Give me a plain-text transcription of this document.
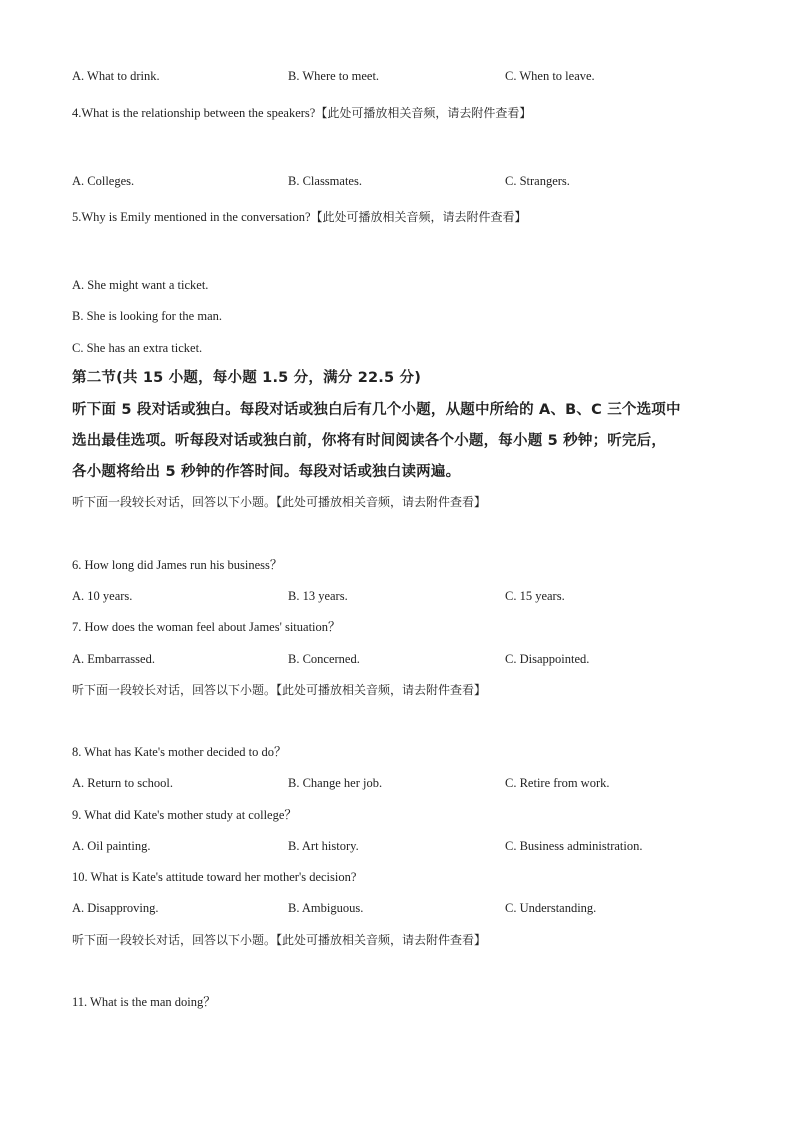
A. What to drink.	B. Where to meet.	C. When to leave.
4.What is the relationship between the speakers?【此处可播放相关音频，请去附件查看】
A. Colleges.	B. Classmates.	C. Strangers.
5.Why is Emily mentioned in the conversation?【此处可播放相关音频，请去附件查看】
A. She might want a ticket.
B. She is looking for the man.
C. She has an extra ticket.
第二节(共 15 小题，每小题 1.5 分，满分 22.5 分)
听下面 5 段对话或独白。每段对话或独白后有几个小题，从题中所给的 A、B、C 三个选项中
选出最佳选项。听每段对话或独白前，你将有时间阅读各个小题，每小题 5 秒钟；听完后，
各小题将给出 5 秒钟的作答时间。每段对话或独白读两遍。
听下面一段较长对话，回答以下小题。【此处可播放相关音频，请去附件查看】
6. How long did James run his business？
A. 10 years.	B. 13 years.	C. 15 years.
7. How does the woman feel about James' situation？
A. Embarrassed.	B. Concerned.	C. Disappointed.
听下面一段较长对话，回答以下小题。【此处可播放相关音频，请去附件查看】
8. What has Kate's mother decided to do？
A. Return to school.	B. Change her job.	C. Retire from work.
9. What did Kate's mother study at college？
A. Oil painting.	B. Art history.	C. Business administration.
10. What is Kate's attitude toward her mother's decision?
A. Disapproving.	B. Ambiguous.	C. Understanding.
听下面一段较长对话，回答以下小题。【此处可播放相关音频，请去附件查看】
11. What is the man doing？
